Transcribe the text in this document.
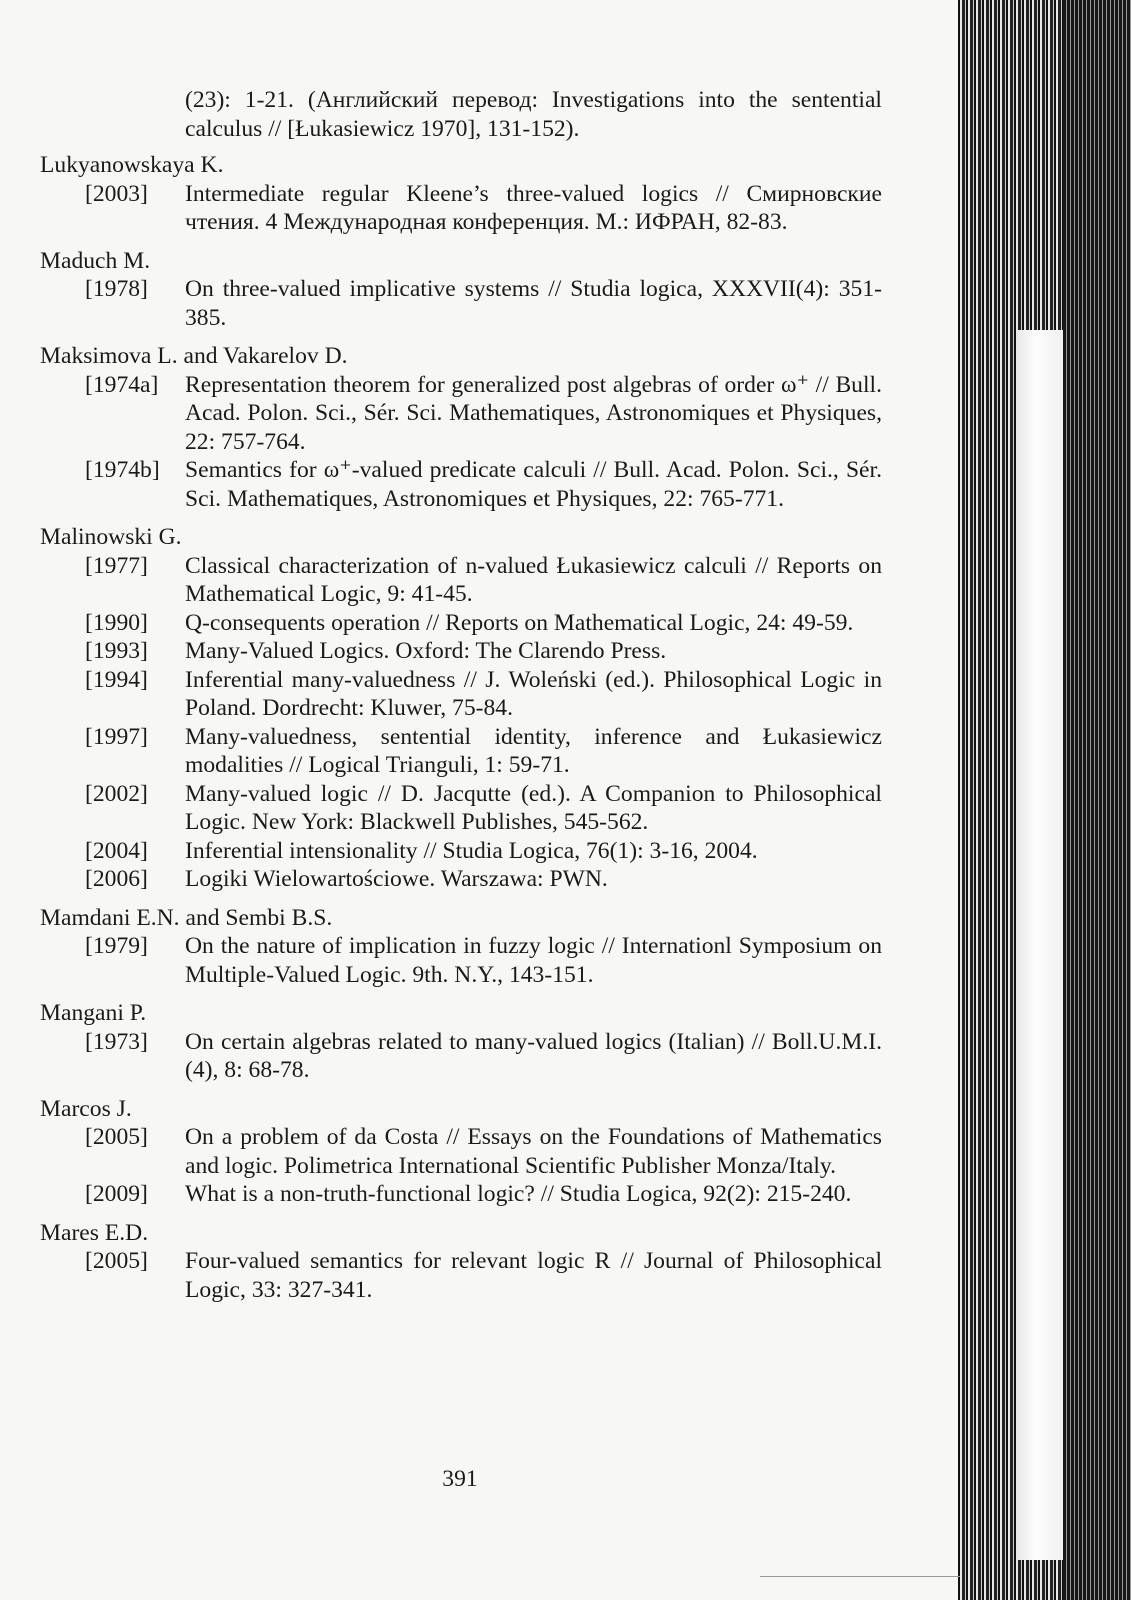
(23): 1-21. (Английский перевод: Investigations into the sentential calculus // [Łukasiewicz 1970], 131-152).
Lukyanowskaya K.
[2003]	Intermediate regular Kleene’s three-valued logics // Смирновские чтения. 4 Международная конференция. М.: ИФРАН, 82-83.
Maduch M.
[1978]	On three-valued implicative systems // Studia logica, XXXVII(4): 351-385.
Maksimova L. and Vakarelov D.
[1974a]	Representation theorem for generalized post algebras of order ω⁺ // Bull. Acad. Polon. Sci., Sér. Sci. Mathematiques, Astronomiques et Physiques, 22: 757-764.
[1974b]	Semantics for ω⁺-valued predicate calculi // Bull. Acad. Polon. Sci., Sér. Sci. Mathematiques, Astronomiques et Physiques, 22: 765-771.
Malinowski G.
[1977]	Classical characterization of n-valued Łukasiewicz calculi // Reports on Mathematical Logic, 9: 41-45.
[1990]	Q-consequents operation // Reports on Mathematical Logic, 24: 49-59.
[1993]	Many-Valued Logics. Oxford: The Clarendo Press.
[1994]	Inferential many-valuedness // J. Woleński (ed.). Philosophical Logic in Poland. Dordrecht: Kluwer, 75-84.
[1997]	Many-valuedness, sentential identity, inference and Łukasiewicz modalities // Logical Trianguli, 1: 59-71.
[2002]	Many-valued logic // D. Jacqutte (ed.). A Companion to Philosophical Logic. New York: Blackwell Publishes, 545-562.
[2004]	Inferential intensionality // Studia Logica, 76(1): 3-16, 2004.
[2006]	Logiki Wielowartościowe. Warszawa: PWN.
Mamdani E.N. and Sembi B.S.
[1979]	On the nature of implication in fuzzy logic // Internationl Symposium on Multiple-Valued Logic. 9th. N.Y., 143-151.
Mangani P.
[1973]	On certain algebras related to many-valued logics (Italian) // Boll.U.M.I. (4), 8: 68-78.
Marcos J.
[2005]	On a problem of da Costa // Essays on the Foundations of Mathematics and logic. Polimetrica International Scientific Publisher Monza/Italy.
[2009]	What is a non-truth-functional logic? // Studia Logica, 92(2): 215-240.
Mares E.D.
[2005]	Four-valued semantics for relevant logic R // Journal of Philosophical Logic, 33: 327-341.
391
